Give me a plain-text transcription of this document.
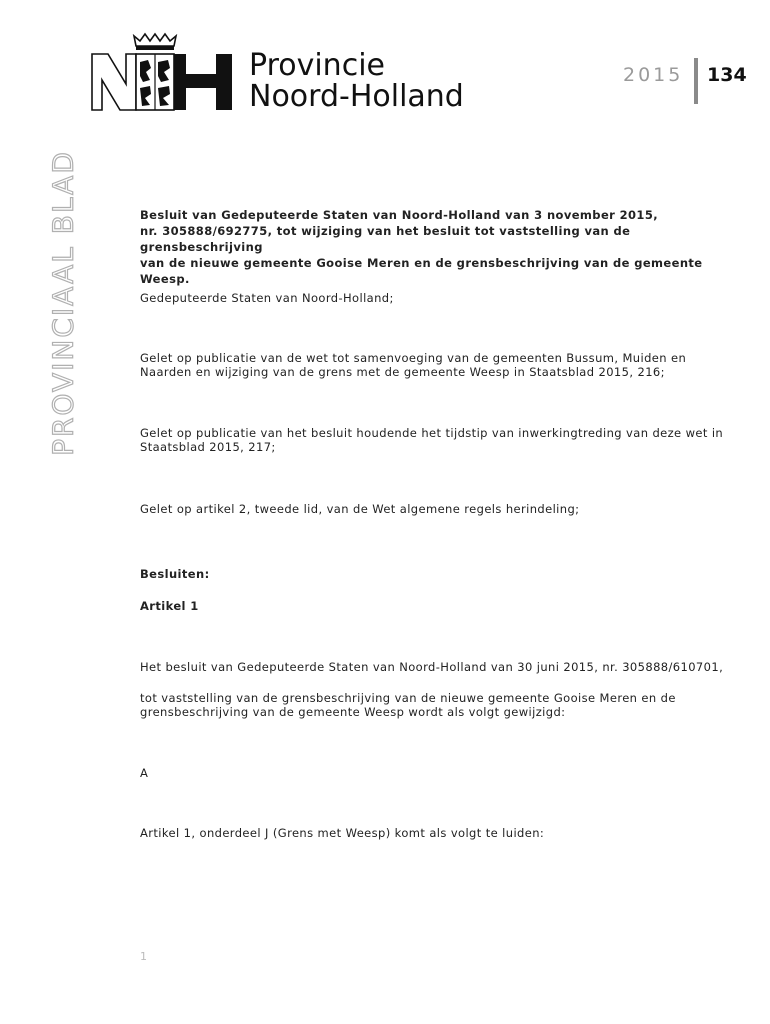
Provincie
Noord-Holland
2015 134
PROVINCIAAL BLAD	Besluit van Gedeputeerde Staten van Noord-Holland van 3 november 2015,
nr. 305888/692775, tot wijziging van het besluit tot vaststelling van de grensbeschrijving
van de nieuwe gemeente Gooise Meren en de grensbeschrijving van de gemeente Weesp.
Gedeputeerde Staten van Noord-Holland;
Gelet op publicatie van de wet tot samenvoeging van de gemeenten Bussum, Muiden en
Naarden en wijziging van de grens met de gemeente Weesp in Staatsblad 2015, 216;
Gelet op publicatie van het besluit houdende het tijdstip van inwerkingtreding van deze wet in
Staatsblad 2015, 217;
Gelet op artikel 2, tweede lid, van de Wet algemene regels herindeling;
Besluiten:
Artikel 1
Het besluit van Gedeputeerde Staten van Noord-Holland van 30 juni 2015, nr. 305888/610701,
tot vaststelling van de grensbeschrijving van de nieuwe gemeente Gooise Meren en de
grensbeschrijving van de gemeente Weesp wordt als volgt gewijzigd:
A
Artikel 1, onderdeel J (Grens met Weesp) komt als volgt te luiden:
1
